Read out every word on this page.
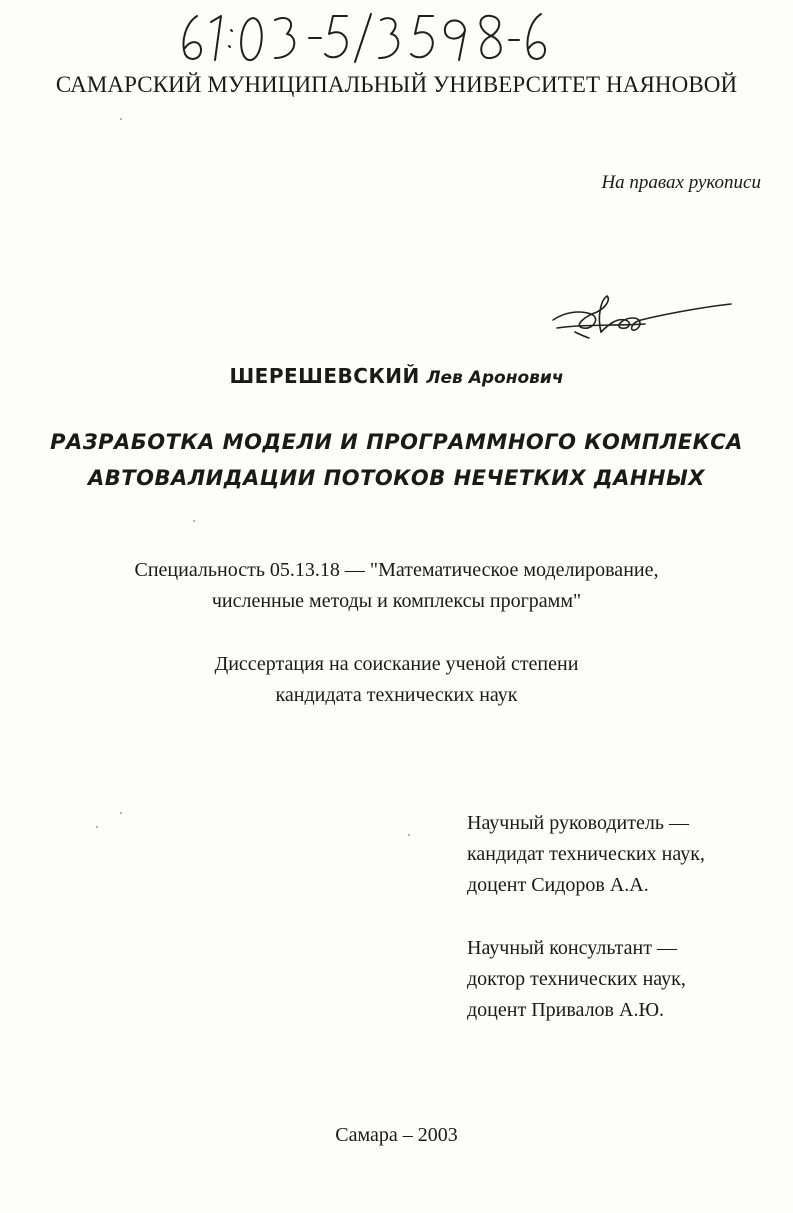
САМАРСКИЙ МУНИЦИПАЛЬНЫЙ УНИВЕРСИТЕТ НАЯНОВОЙ
На правах рукописи
ШЕРЕШЕВСКИЙ Лев Аронович
РАЗРАБОТКА МОДЕЛИ И ПРОГРАММНОГО КОМПЛЕКСА
АВТОВАЛИДАЦИИ ПОТОКОВ НЕЧЕТКИХ ДАННЫХ
Специальность 05.13.18 — "Математическое моделирование,
численные методы и комплексы программ"
Диссертация на соискание ученой степени
кандидата технических наук
Научный руководитель —
кандидат технических наук,
доцент Сидоров А.А.
Научный консультант —
доктор технических наук,
доцент Привалов А.Ю.
Самара – 2003
